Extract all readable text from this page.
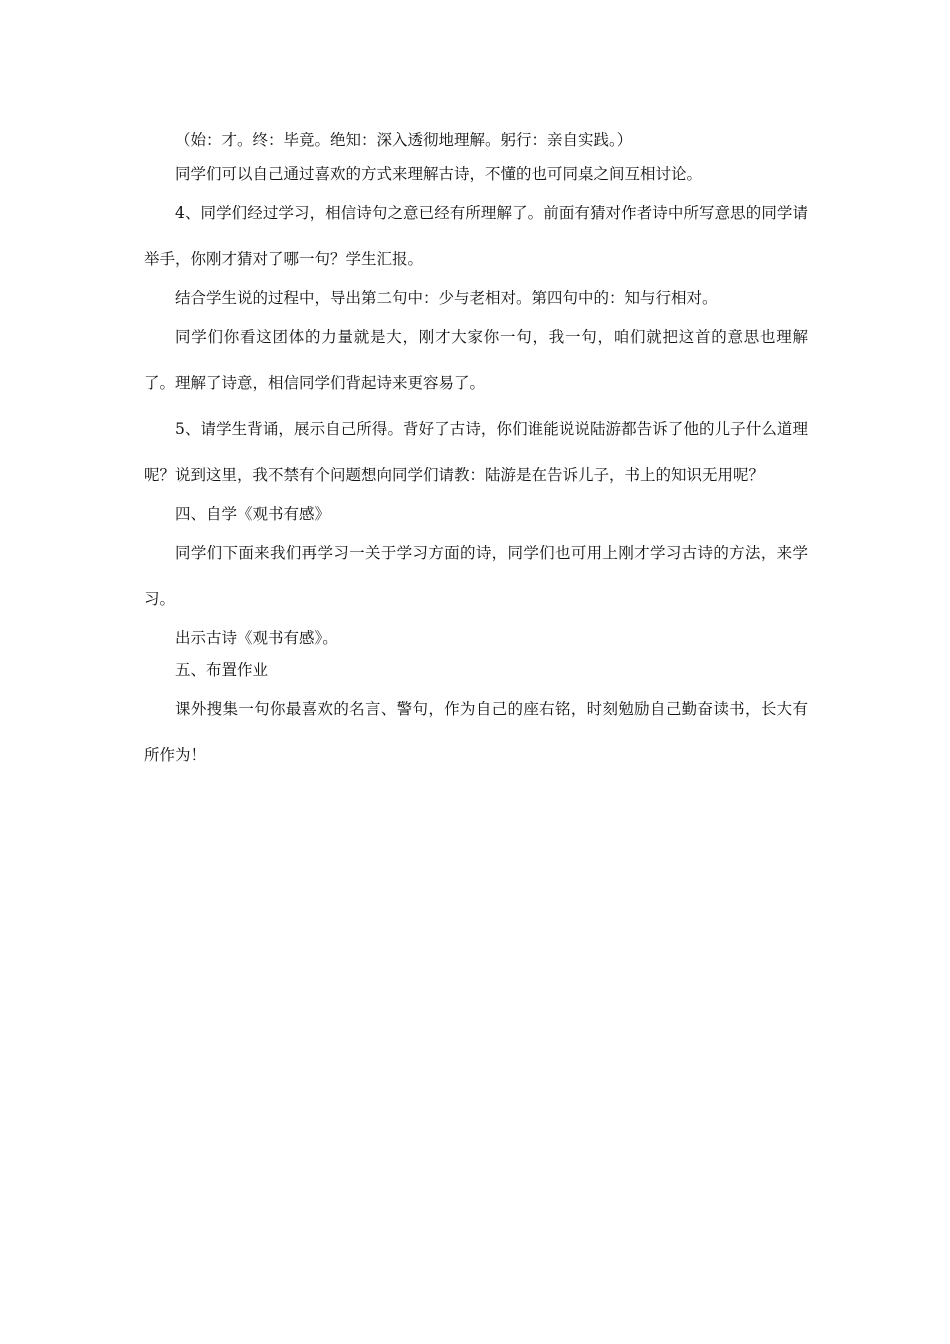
（始：才。终：毕竟。绝知：深入透彻地理解。躬行：亲自实践。）

同学们可以自己通过喜欢的方式来理解古诗，不懂的也可同桌之间互相讨论。

4、同学们经过学习，相信诗句之意已经有所理解了。前面有猜对作者诗中所写意思的同学请举手，你刚才猜对了哪一句？学生汇报。

结合学生说的过程中，导出第二句中：少与老相对。第四句中的：知与行相对。

同学们你看这团体的力量就是大，刚才大家你一句，我一句，咱们就把这首的意思也理解了。理解了诗意，相信同学们背起诗来更容易了。

5、请学生背诵，展示自己所得。背好了古诗，你们谁能说说陆游都告诉了他的儿子什么道理呢？说到这里，我不禁有个问题想向同学们请教：陆游是在告诉儿子，书上的知识无用呢？

四、自学《观书有感》

同学们下面来我们再学习一关于学习方面的诗，同学们也可用上刚才学习古诗的方法，来学习。

出示古诗《观书有感》。

五、布置作业

课外搜集一句你最喜欢的名言、警句，作为自己的座右铭，时刻勉励自己勤奋读书，长大有所作为！
